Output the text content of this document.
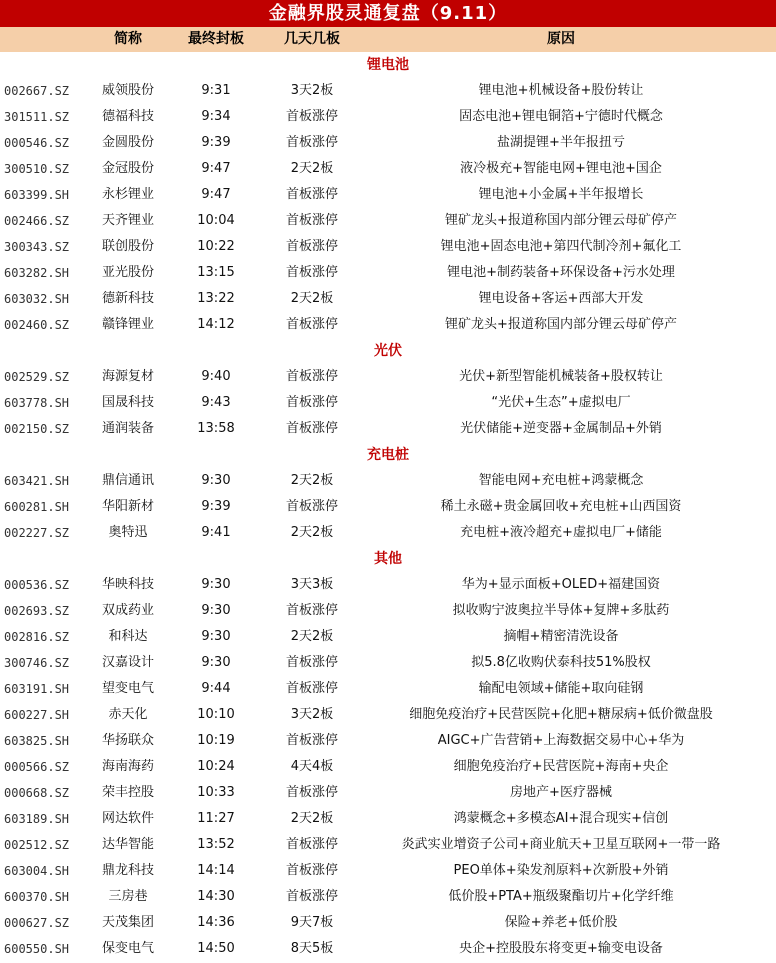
金融界股灵通复盘（9.11）
简称	最终封板	几天几板	原因
锂电池
002667.SZ	威领股份	9:31	3天2板	锂电池+机械设备+股份转让
301511.SZ	德福科技	9:34	首板涨停	固态电池+锂电铜箔+宁德时代概念
000546.SZ	金圆股份	9:39	首板涨停	盐湖提锂+半年报扭亏
300510.SZ	金冠股份	9:47	2天2板	液冷极充+智能电网+锂电池+国企
603399.SH	永杉锂业	9:47	首板涨停	锂电池+小金属+半年报增长
002466.SZ	天齐锂业	10:04	首板涨停	锂矿龙头+报道称国内部分锂云母矿停产
300343.SZ	联创股份	10:22	首板涨停	锂电池+固态电池+第四代制冷剂+氟化工
603282.SH	亚光股份	13:15	首板涨停	锂电池+制药装备+环保设备+污水处理
603032.SH	德新科技	13:22	2天2板	锂电设备+客运+西部大开发
002460.SZ	赣锋锂业	14:12	首板涨停	锂矿龙头+报道称国内部分锂云母矿停产
光伏
002529.SZ	海源复材	9:40	首板涨停	光伏+新型智能机械装备+股权转让
603778.SH	国晟科技	9:43	首板涨停	“光伏+生态”+虚拟电厂
002150.SZ	通润装备	13:58	首板涨停	光伏储能+逆变器+金属制品+外销
充电桩
603421.SH	鼎信通讯	9:30	2天2板	智能电网+充电桩+鸿蒙概念
600281.SH	华阳新材	9:39	首板涨停	稀土永磁+贵金属回收+充电桩+山西国资
002227.SZ	奥特迅	9:41	2天2板	充电桩+液冷超充+虚拟电厂+储能
其他
000536.SZ	华映科技	9:30	3天3板	华为+显示面板+OLED+福建国资
002693.SZ	双成药业	9:30	首板涨停	拟收购宁波奥拉半导体+复牌+多肽药
002816.SZ	和科达	9:30	2天2板	摘帽+精密清洗设备
300746.SZ	汉嘉设计	9:30	首板涨停	拟5.8亿收购伏泰科技51%股权
603191.SH	望变电气	9:44	首板涨停	输配电领域+储能+取向硅钢
600227.SH	赤天化	10:10	3天2板	细胞免疫治疗+民营医院+化肥+糖尿病+低价微盘股
603825.SH	华扬联众	10:19	首板涨停	AIGC+广告营销+上海数据交易中心+华为
000566.SZ	海南海药	10:24	4天4板	细胞免疫治疗+民营医院+海南+央企
000668.SZ	荣丰控股	10:33	首板涨停	房地产+医疗器械
603189.SH	网达软件	11:27	2天2板	鸿蒙概念+多模态AI+混合现实+信创
002512.SZ	达华智能	13:52	首板涨停	炎武实业增资子公司+商业航天+卫星互联网+一带一路
603004.SH	鼎龙科技	14:14	首板涨停	PEO单体+染发剂原料+次新股+外销
600370.SH	三房巷	14:30	首板涨停	低价股+PTA+瓶级聚酯切片+化学纤维
000627.SZ	天茂集团	14:36	9天7板	保险+养老+低价股
600550.SH	保变电气	14:50	8天5板	央企+控股股东将变更+输变电设备
